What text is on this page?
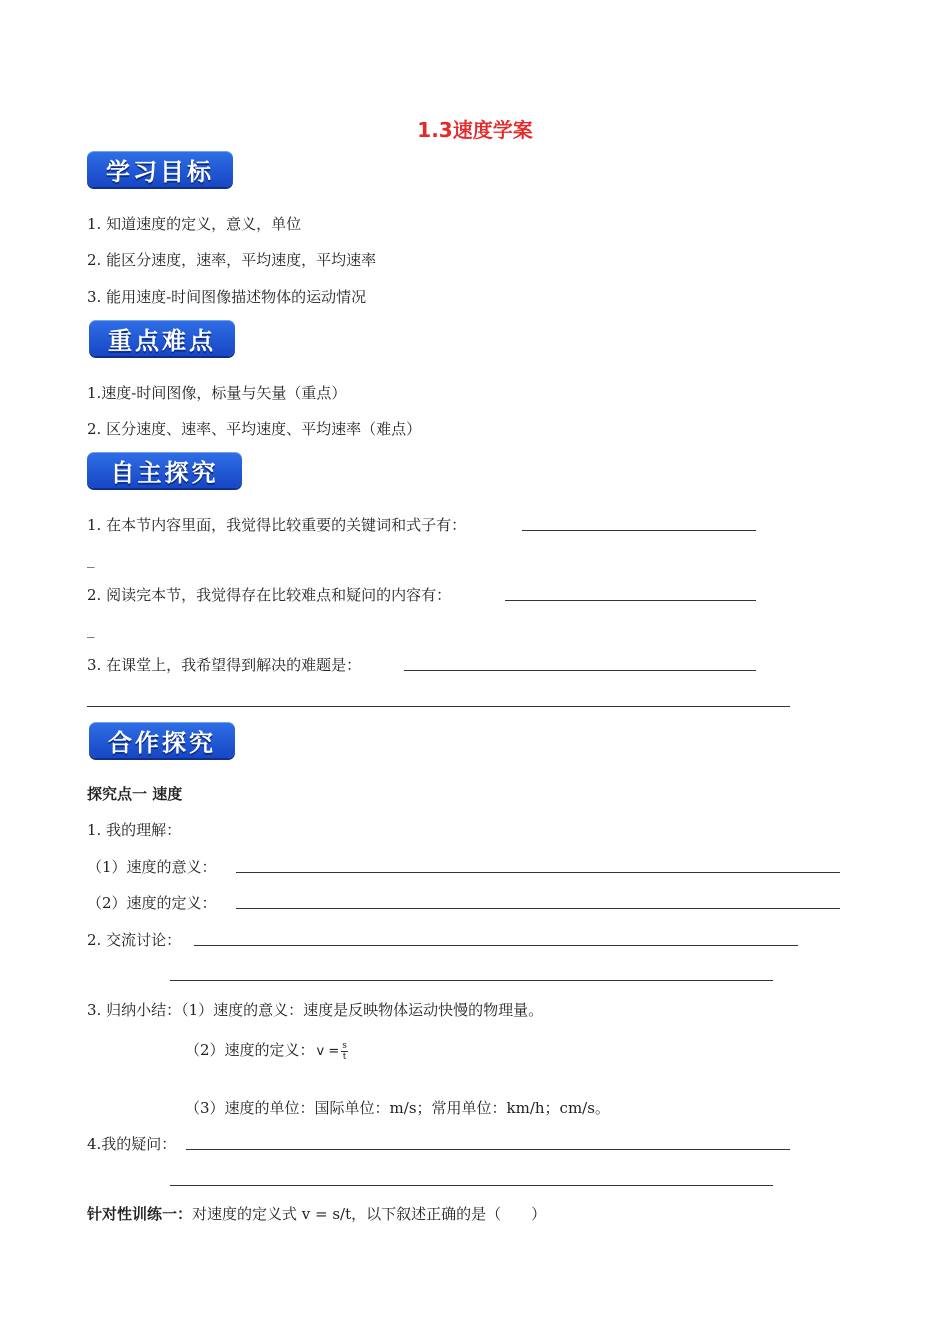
1.3速度学案
学习目标
1. 知道速度的定义，意义，单位
2. 能区分速度，速率，平均速度，平均速率
3. 能用速度-时间图像描述物体的运动情况
重点难点
1.速度-时间图像，标量与矢量（重点）
2. 区分速度、速率、平均速度、平均速率（难点）
自主探究
1. 在本节内容里面，我觉得比较重要的关键词和式子有：
_
2. 阅读完本节，我觉得存在比较难点和疑问的内容有：
_
3. 在课堂上，我希望得到解决的难题是：
合作探究
探究点一 速度
1. 我的理解：
（1）速度的意义：
（2）速度的定义：
2. 交流讨论：
3. 归纳小结：（1）速度的意义：速度是反映物体运动快慢的物理量。
（2）速度的定义： $v = \frac{s}{t}$
（3）速度的单位：国际单位：m/s；常用单位：km/h；cm/s。
4.我的疑问：
针对性训练一：对速度的定义式 v = s/t，以下叙述正确的是（　　）
